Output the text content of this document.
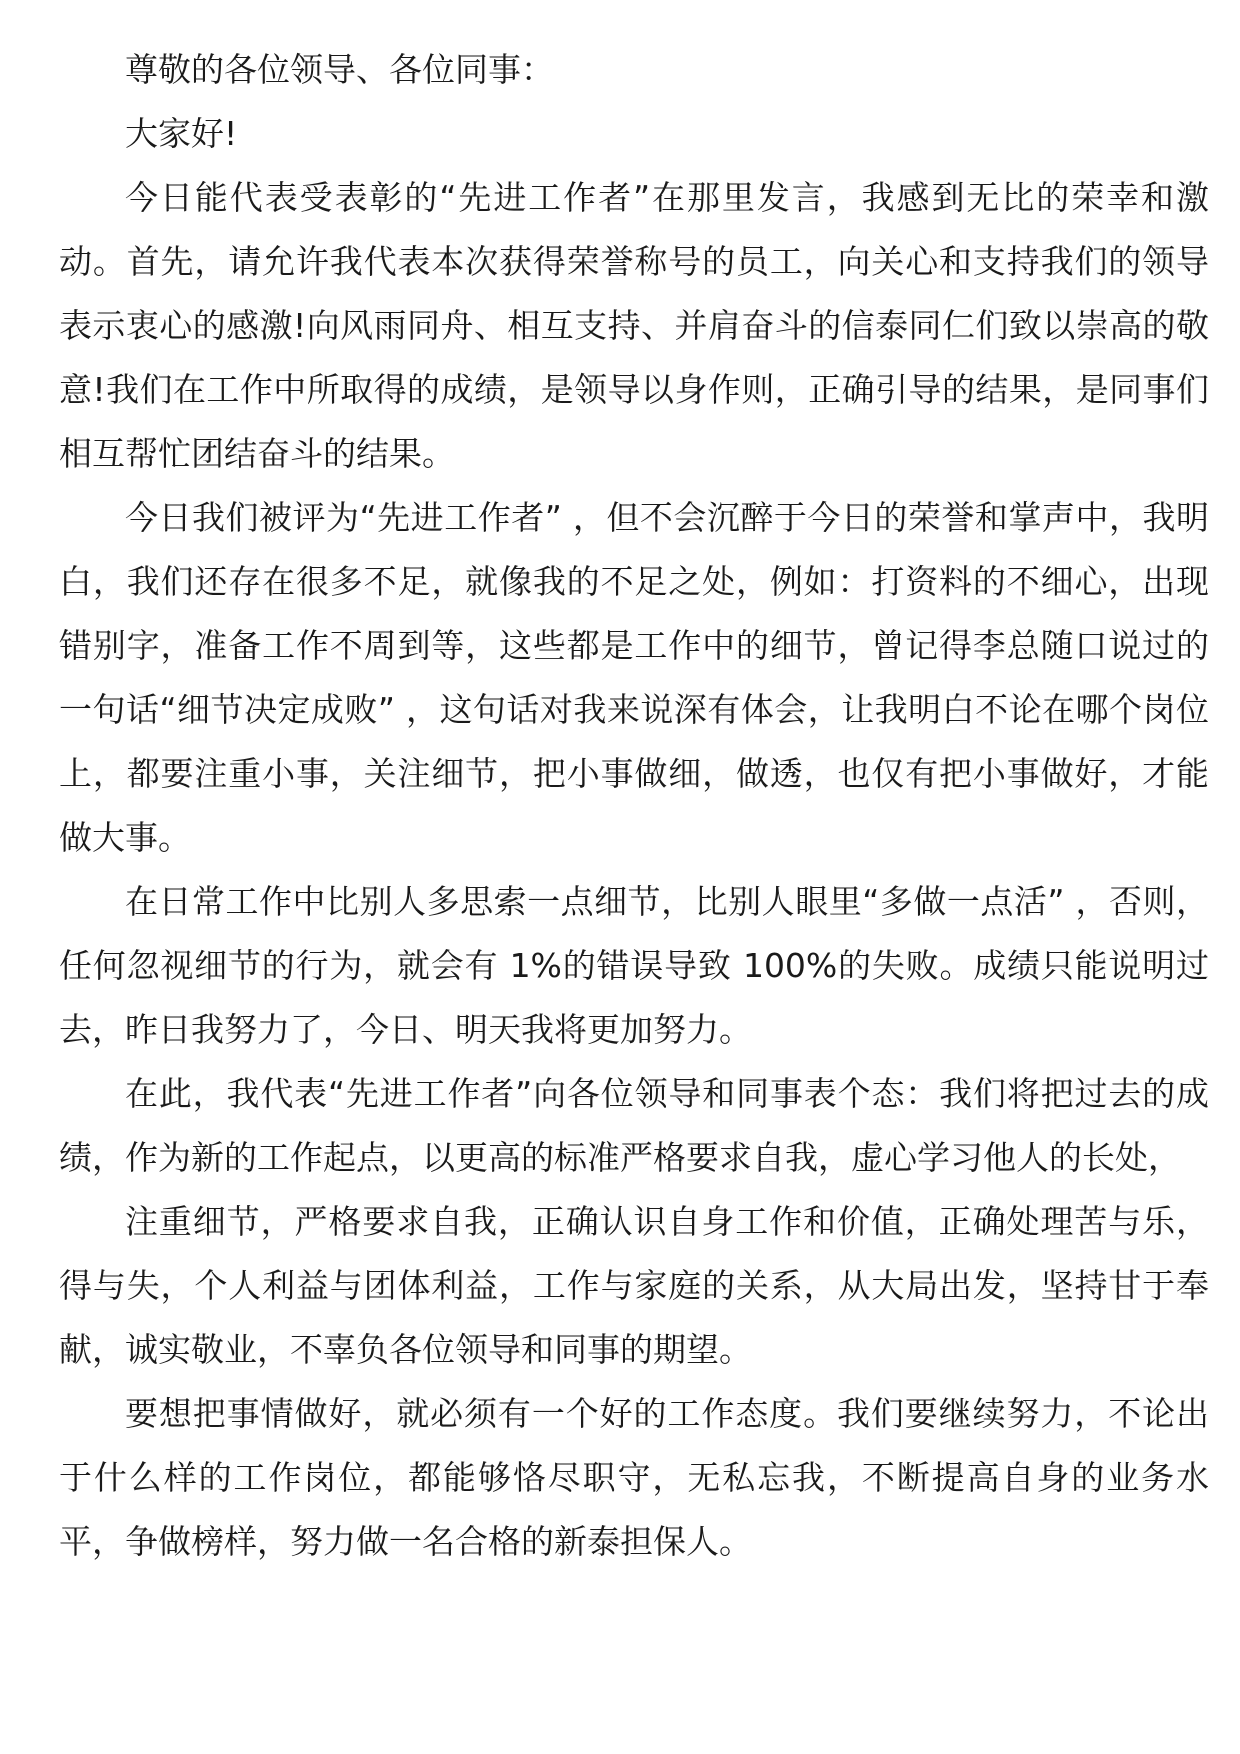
尊敬的各位领导、各位同事：

大家好!

今日能代表受表彰的“先进工作者”在那里发言，我感到无比的荣幸和激动。首先，请允许我代表本次获得荣誉称号的员工，向关心和支持我们的领导表示衷心的感激!向风雨同舟、相互支持、并肩奋斗的信泰同仁们致以崇高的敬意!我们在工作中所取得的成绩，是领导以身作则，正确引导的结果，是同事们相互帮忙团结奋斗的结果。

今日我们被评为“先进工作者” ，但不会沉醉于今日的荣誉和掌声中，我明白，我们还存在很多不足，就像我的不足之处，例如：打资料的不细心，出现错别字，准备工作不周到等，这些都是工作中的细节，曾记得李总随口说过的一句话“细节决定成败” ，这句话对我来说深有体会，让我明白不论在哪个岗位上，都要注重小事，关注细节，把小事做细，做透，也仅有把小事做好，才能做大事。

在日常工作中比别人多思索一点细节，比别人眼里“多做一点活” ，否则，任何忽视细节的行为，就会有 1%的错误导致 100%的失败。成绩只能说明过去，昨日我努力了，今日、明天我将更加努力。

在此，我代表“先进工作者”向各位领导和同事表个态：我们将把过去的成绩，作为新的工作起点，以更高的标准严格要求自我，虚心学习他人的长处，

注重细节，严格要求自我，正确认识自身工作和价值，正确处理苦与乐，得与失，个人利益与团体利益，工作与家庭的关系，从大局出发，坚持甘于奉献，诚实敬业，不辜负各位领导和同事的期望。

要想把事情做好，就必须有一个好的工作态度。我们要继续努力，不论出于什么样的工作岗位，都能够恪尽职守，无私忘我，不断提高自身的业务水平，争做榜样，努力做一名合格的新泰担保人。
